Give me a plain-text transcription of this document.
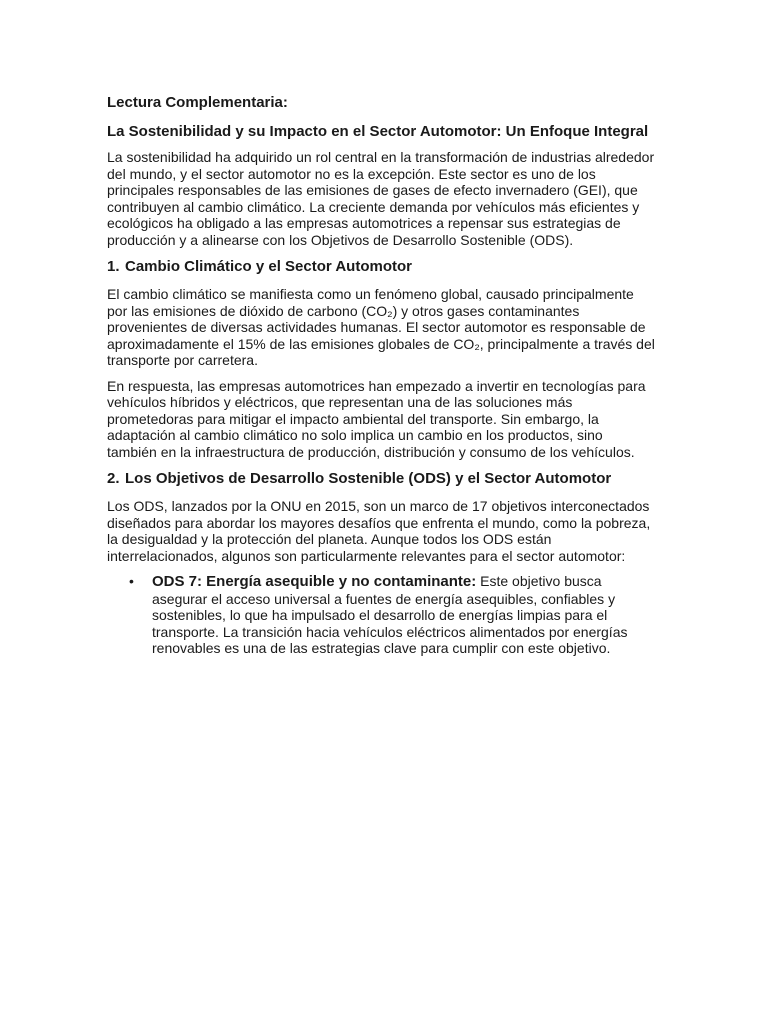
Lectura Complementaria:

La Sostenibilidad y su Impacto en el Sector Automotor: Un Enfoque Integral

La sostenibilidad ha adquirido un rol central en la transformación de industrias alrededor del mundo, y el sector automotor no es la excepción. Este sector es uno de los principales responsables de las emisiones de gases de efecto invernadero (GEI), que contribuyen al cambio climático. La creciente demanda por vehículos más eficientes y ecológicos ha obligado a las empresas automotrices a repensar sus estrategias de producción y a alinearse con los Objetivos de Desarrollo Sostenible (ODS).

1. Cambio Climático y el Sector Automotor

El cambio climático se manifiesta como un fenómeno global, causado principalmente por las emisiones de dióxido de carbono (CO₂) y otros gases contaminantes provenientes de diversas actividades humanas. El sector automotor es responsable de aproximadamente el 15% de las emisiones globales de CO₂, principalmente a través del transporte por carretera.

En respuesta, las empresas automotrices han empezado a invertir en tecnologías para vehículos híbridos y eléctricos, que representan una de las soluciones más prometedoras para mitigar el impacto ambiental del transporte. Sin embargo, la adaptación al cambio climático no solo implica un cambio en los productos, sino también en la infraestructura de producción, distribución y consumo de los vehículos.

2. Los Objetivos de Desarrollo Sostenible (ODS) y el Sector Automotor

Los ODS, lanzados por la ONU en 2015, son un marco de 17 objetivos interconectados diseñados para abordar los mayores desafíos que enfrenta el mundo, como la pobreza, la desigualdad y la protección del planeta. Aunque todos los ODS están interrelacionados, algunos son particularmente relevantes para el sector automotor:

• ODS 7: Energía asequible y no contaminante: Este objetivo busca asegurar el acceso universal a fuentes de energía asequibles, confiables y sostenibles, lo que ha impulsado el desarrollo de energías limpias para el transporte. La transición hacia vehículos eléctricos alimentados por energías renovables es una de las estrategias clave para cumplir con este objetivo.
